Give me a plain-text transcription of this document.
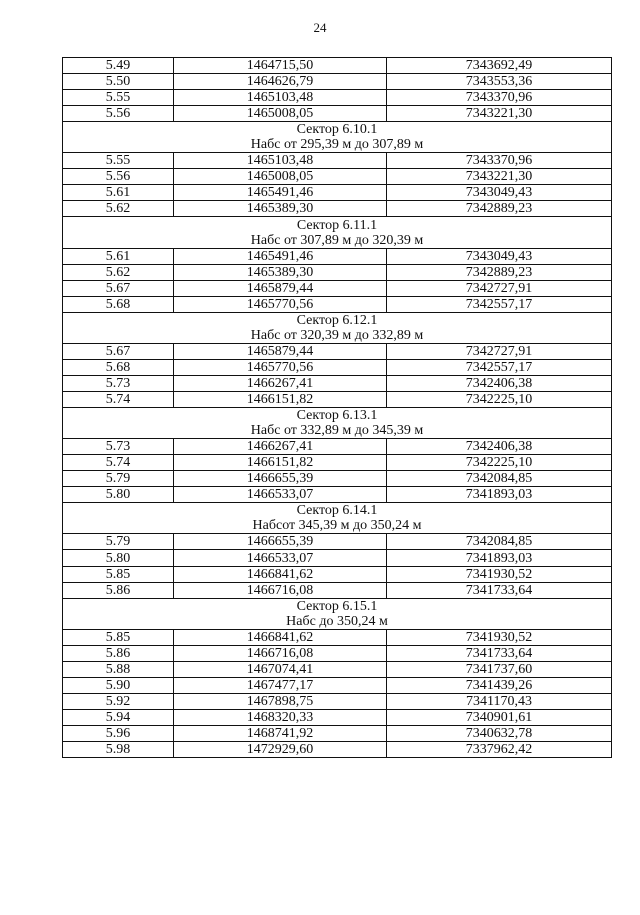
24
5.49	1464715,50	7343692,49
5.50	1464626,79	7343553,36
5.55	1465103,48	7343370,96
5.56	1465008,05	7343221,30
Сектор 6.10.1		
Набс от 295,39 м до 307,89 м		
5.55	1465103,48	7343370,96
5.56	1465008,05	7343221,30
5.61	1465491,46	7343049,43
5.62	1465389,30	7342889,23
Сектор 6.11.1		
Набс от 307,89 м до 320,39 м		
5.61	1465491,46	7343049,43
5.62	1465389,30	7342889,23
5.67	1465879,44	7342727,91
5.68	1465770,56	7342557,17
Сектор 6.12.1		
Набс от 320,39 м до 332,89 м		
5.67	1465879,44	7342727,91
5.68	1465770,56	7342557,17
5.73	1466267,41	7342406,38
5.74	1466151,82	7342225,10
Сектор 6.13.1		
Набс от 332,89 м до 345,39 м		
5.73	1466267,41	7342406,38
5.74	1466151,82	7342225,10
5.79	1466655,39	7342084,85
5.80	1466533,07	7341893,03
Сектор 6.14.1		
Набсот 345,39 м до 350,24 м		
5.79	1466655,39	7342084,85
5.80	1466533,07	7341893,03
5.85	1466841,62	7341930,52
5.86	1466716,08	7341733,64
Сектор 6.15.1		
Набс до 350,24 м		
5.85	1466841,62	7341930,52
5.86	1466716,08	7341733,64
5.88	1467074,41	7341737,60
5.90	1467477,17	7341439,26
5.92	1467898,75	7341170,43
5.94	1468320,33	7340901,61
5.96	1468741,92	7340632,78
5.98	1472929,60	7337962,42
